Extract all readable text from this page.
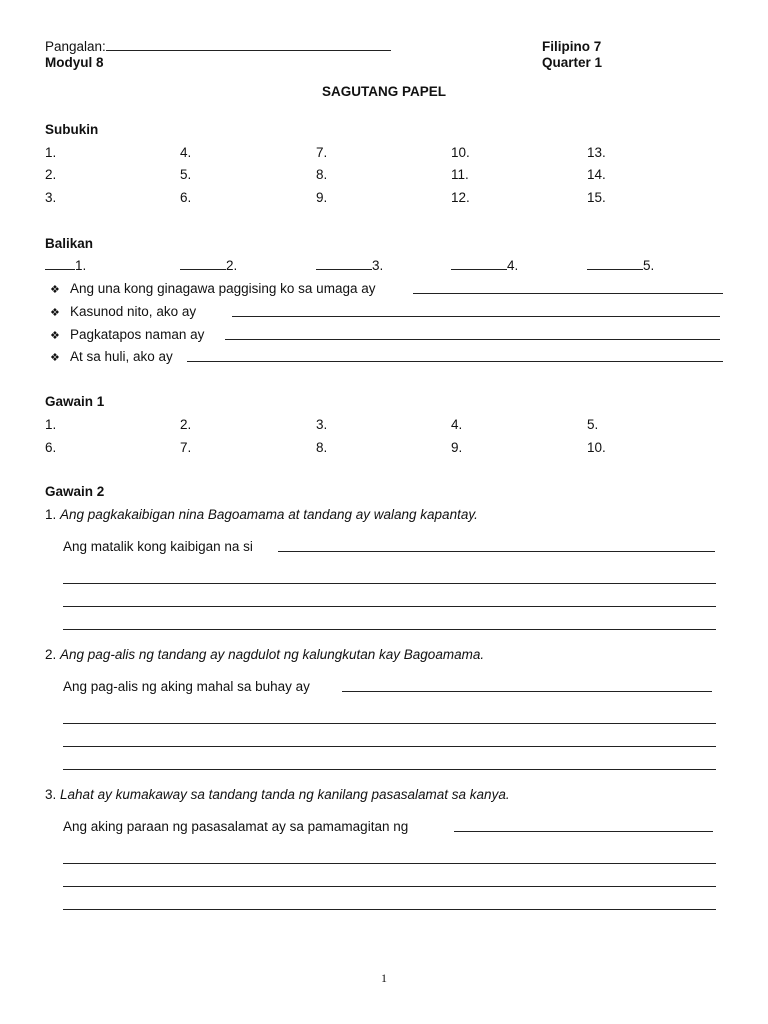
Pangalan:
Modyul 8
Filipino 7
Quarter 1
SAGUTANG PAPEL
Subukin
1.	4.	7.	10.	13.
2.	5.	8.	11.	14.
3.	6.	9.	12.	15.
Balikan
1.	2.	3.	4.	5.
❖ Ang una kong ginagawa paggising ko sa umaga ay
❖ Kasunod nito, ako ay
❖ Pagkatapos naman ay
❖ At sa huli, ako ay
Gawain 1
1.	2.	3.	4.	5.
6.	7.	8.	9.	10.
Gawain 2
1. Ang pagkakaibigan nina Bagoamama at tandang ay walang kapantay.
Ang matalik kong kaibigan na si
2. Ang pag-alis ng tandang ay nagdulot ng kalungkutan kay Bagoamama.
Ang pag-alis ng aking mahal sa buhay ay
3. Lahat ay kumakaway sa tandang tanda ng kanilang pasasalamat sa kanya.
Ang aking paraan ng pasasalamat ay sa pamamagitan ng
1
